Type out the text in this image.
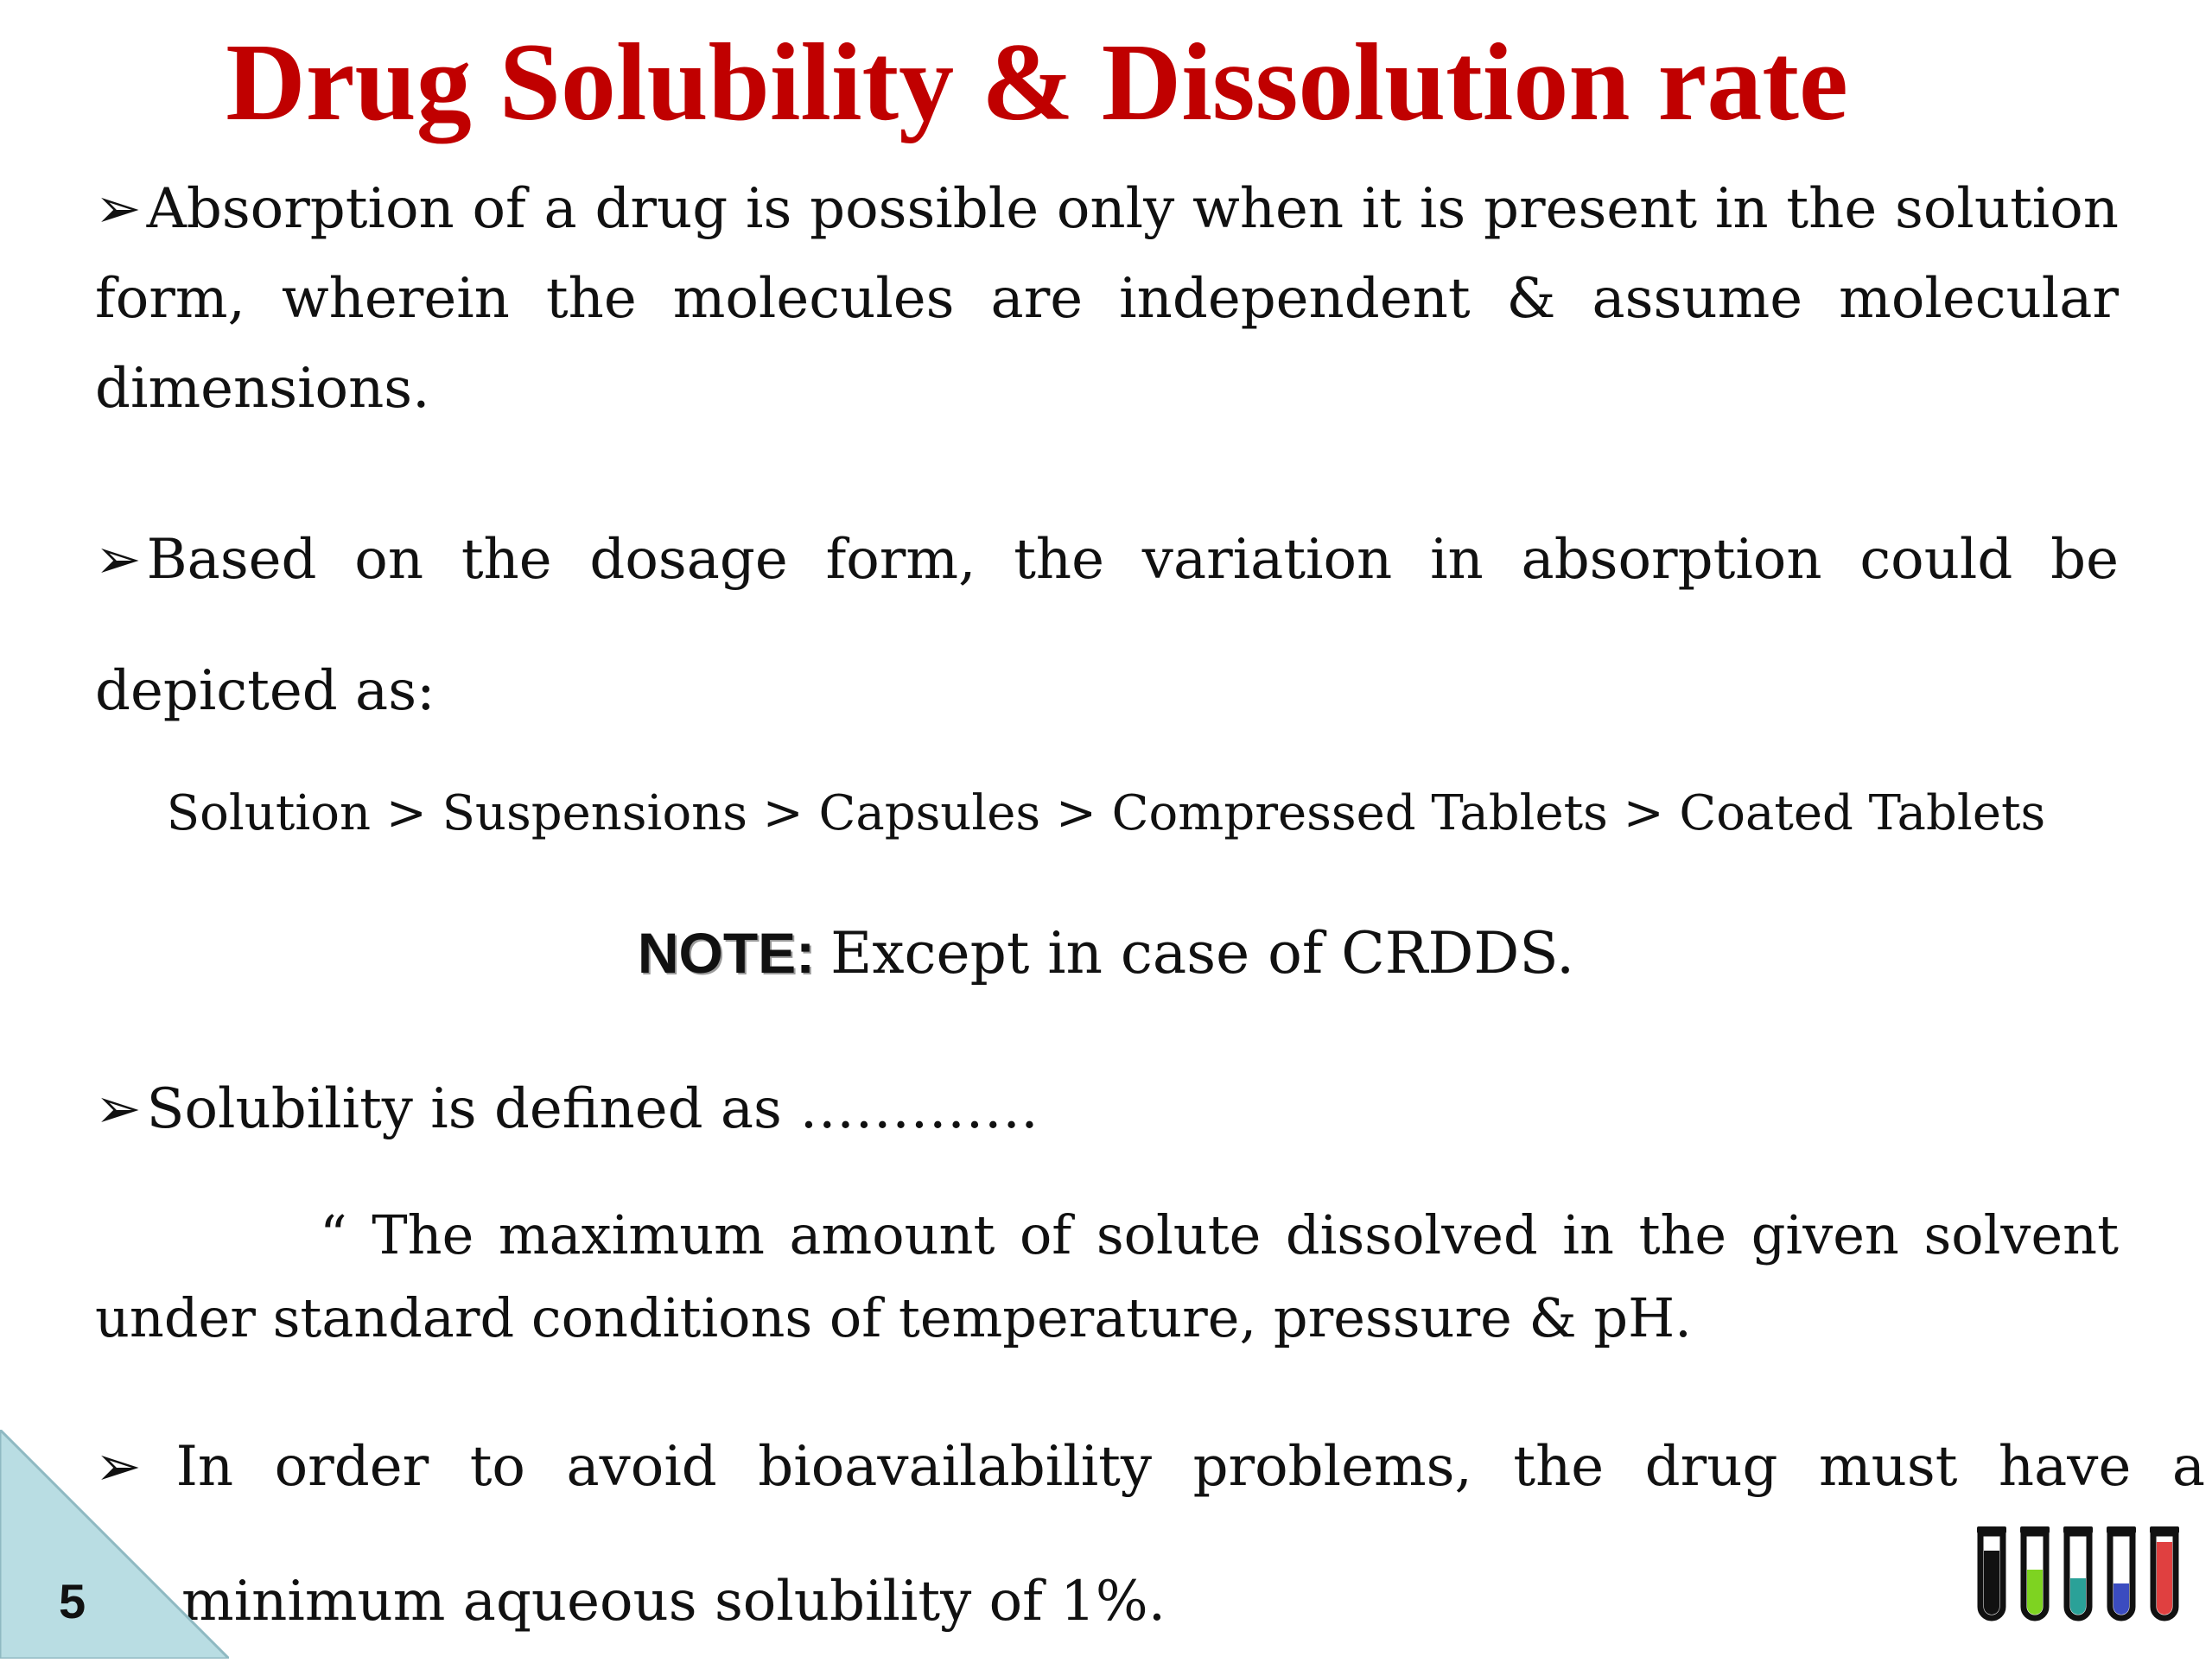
Drug Solubility & Dissolution rate
➢Absorption of a drug is possible only when it is present in the solution form, wherein the molecules are independent & assume molecular dimensions.
➢Based on the dosage form, the variation in absorption could be depicted as:
Solution > Suspensions > Capsules > Compressed Tablets > Coated Tablets
NOTE: Except in case of CRDDS.
➢Solubility is defined as ………….
“ The maximum amount of solute dissolved in the given solvent under standard conditions of temperature, pressure & pH.
➢ In order to avoid bioavailability problems, the drug must have a minimum aqueous solubility of 1%.
5
